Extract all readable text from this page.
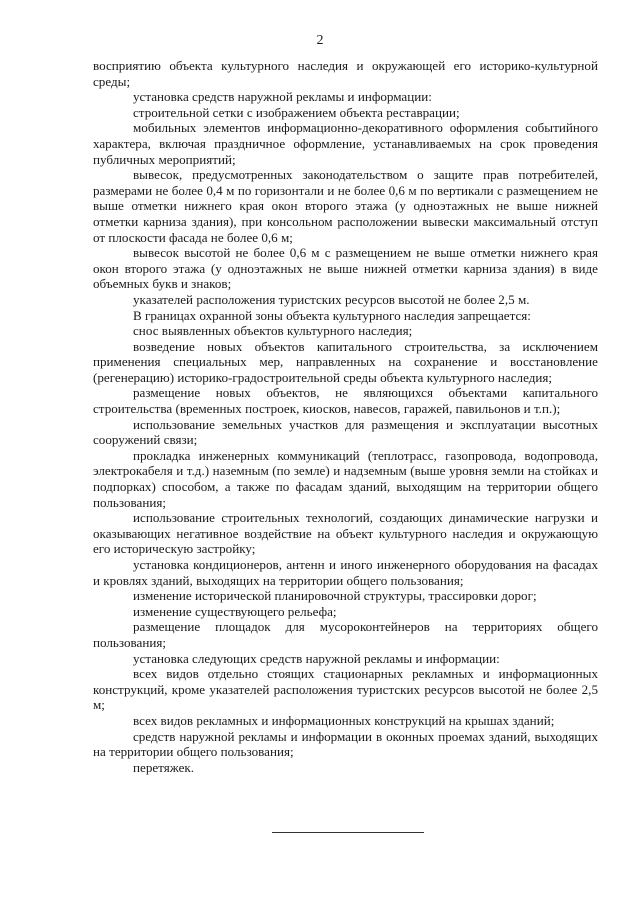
2

восприятию объекта культурного наследия и окружающей его историко-культурной среды;

установка средств наружной рекламы и информации:

строительной сетки с изображением объекта реставрации;

мобильных элементов информационно-декоративного оформления событийного характера, включая праздничное оформление, устанавливаемых на срок проведения публичных мероприятий;

вывесок, предусмотренных законодательством о защите прав потребителей, размерами не более 0,4 м по горизонтали и не более 0,6 м по вертикали с размещением не выше отметки нижнего края окон второго этажа (у одноэтажных не выше нижней отметки карниза здания), при консольном расположении вывески максимальный отступ от плоскости фасада не более 0,6 м;

вывесок высотой не более 0,6 м с размещением не выше отметки нижнего края окон второго этажа (у одноэтажных не выше нижней отметки карниза здания) в виде объемных букв и знаков;

указателей расположения туристских ресурсов высотой не более 2,5 м.

В границах охранной зоны объекта культурного наследия запрещается:

снос выявленных объектов культурного наследия;

возведение новых объектов капитального строительства, за исключением применения специальных мер, направленных на сохранение и восстановление (регенерацию) историко-градостроительной среды объекта культурного наследия;

размещение новых объектов, не являющихся объектами капитального строительства (временных построек, киосков, навесов, гаражей, павильонов и т.п.);

использование земельных участков для размещения и эксплуатации высотных сооружений связи;

прокладка инженерных коммуникаций (теплотрасс, газопровода, водопровода, электрокабеля и т.д.) наземным (по земле) и надземным (выше уровня земли на стойках и подпорках) способом, а также по фасадам зданий, выходящим на территории общего пользования;

использование строительных технологий, создающих динамические нагрузки и оказывающих негативное воздействие на объект культурного наследия и окружающую его историческую застройку;

установка кондиционеров, антенн и иного инженерного оборудования на фасадах и кровлях зданий, выходящих на территории общего пользования;

изменение исторической планировочной структуры, трассировки дорог;

изменение существующего рельефа;

размещение площадок для мусороконтейнеров на территориях общего пользования;

установка следующих средств наружной рекламы и информации:

всех видов отдельно стоящих стационарных рекламных и информационных конструкций, кроме указателей расположения туристских ресурсов высотой не более 2,5 м;

всех видов рекламных и информационных конструкций на крышах зданий;

средств наружной рекламы и информации в оконных проемах зданий, выходящих на территории общего пользования;

перетяжек.
